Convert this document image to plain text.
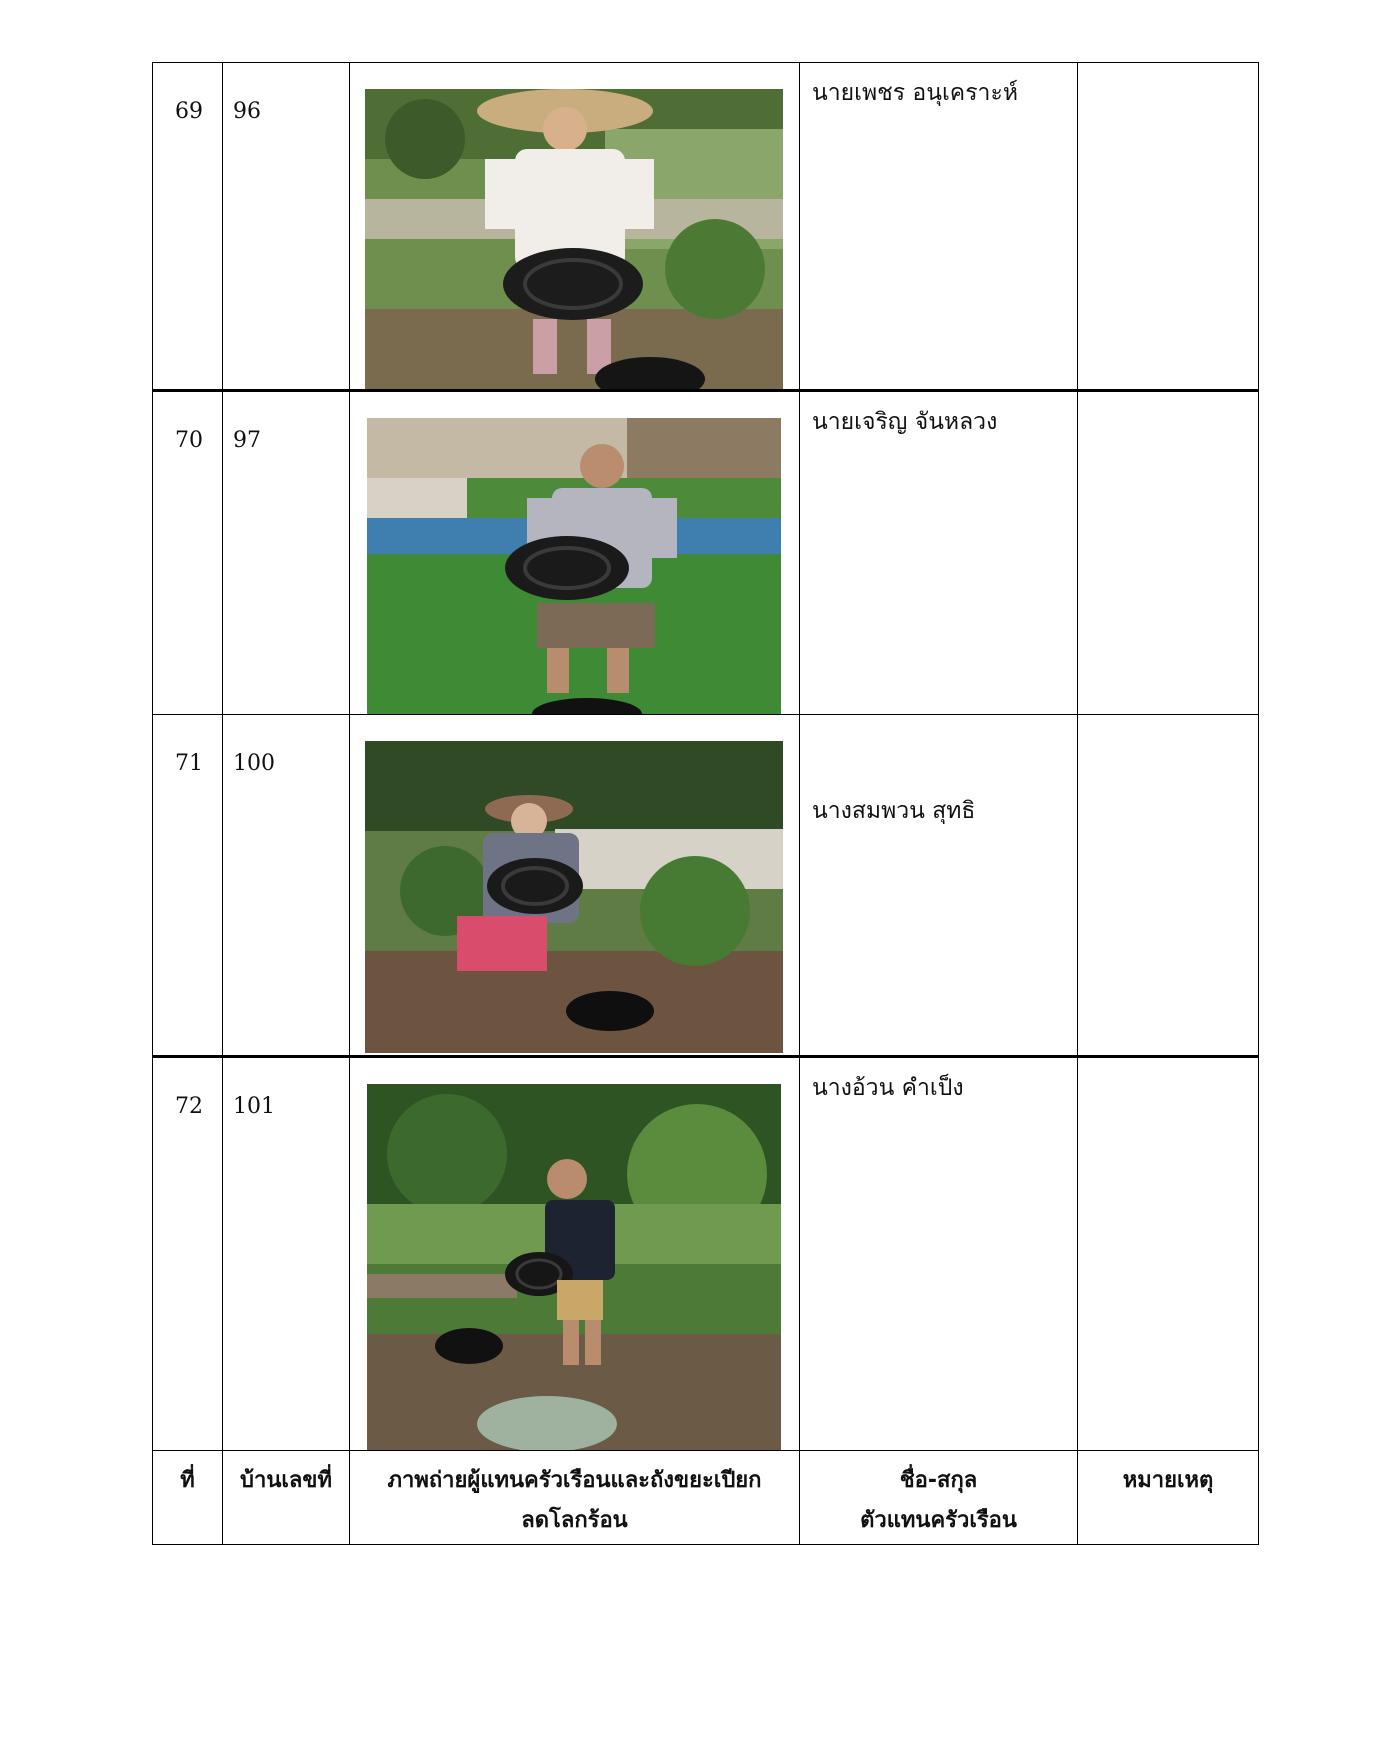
69	96		นายเพชร อนุเคราะห์	

70	97		นายเจริญ จันหลวง	

71	100		นางสมพวน สุทธิ	

72	101		นางอ้วน คำเป็ง	

ที่	บ้านเลขที่	ภาพถ่ายผู้แทนครัวเรือนและถังขยะเปียก
ลดโลกร้อน	ชื่อ-สกุล
ตัวแทนครัวเรือน	หมายเหตุ
